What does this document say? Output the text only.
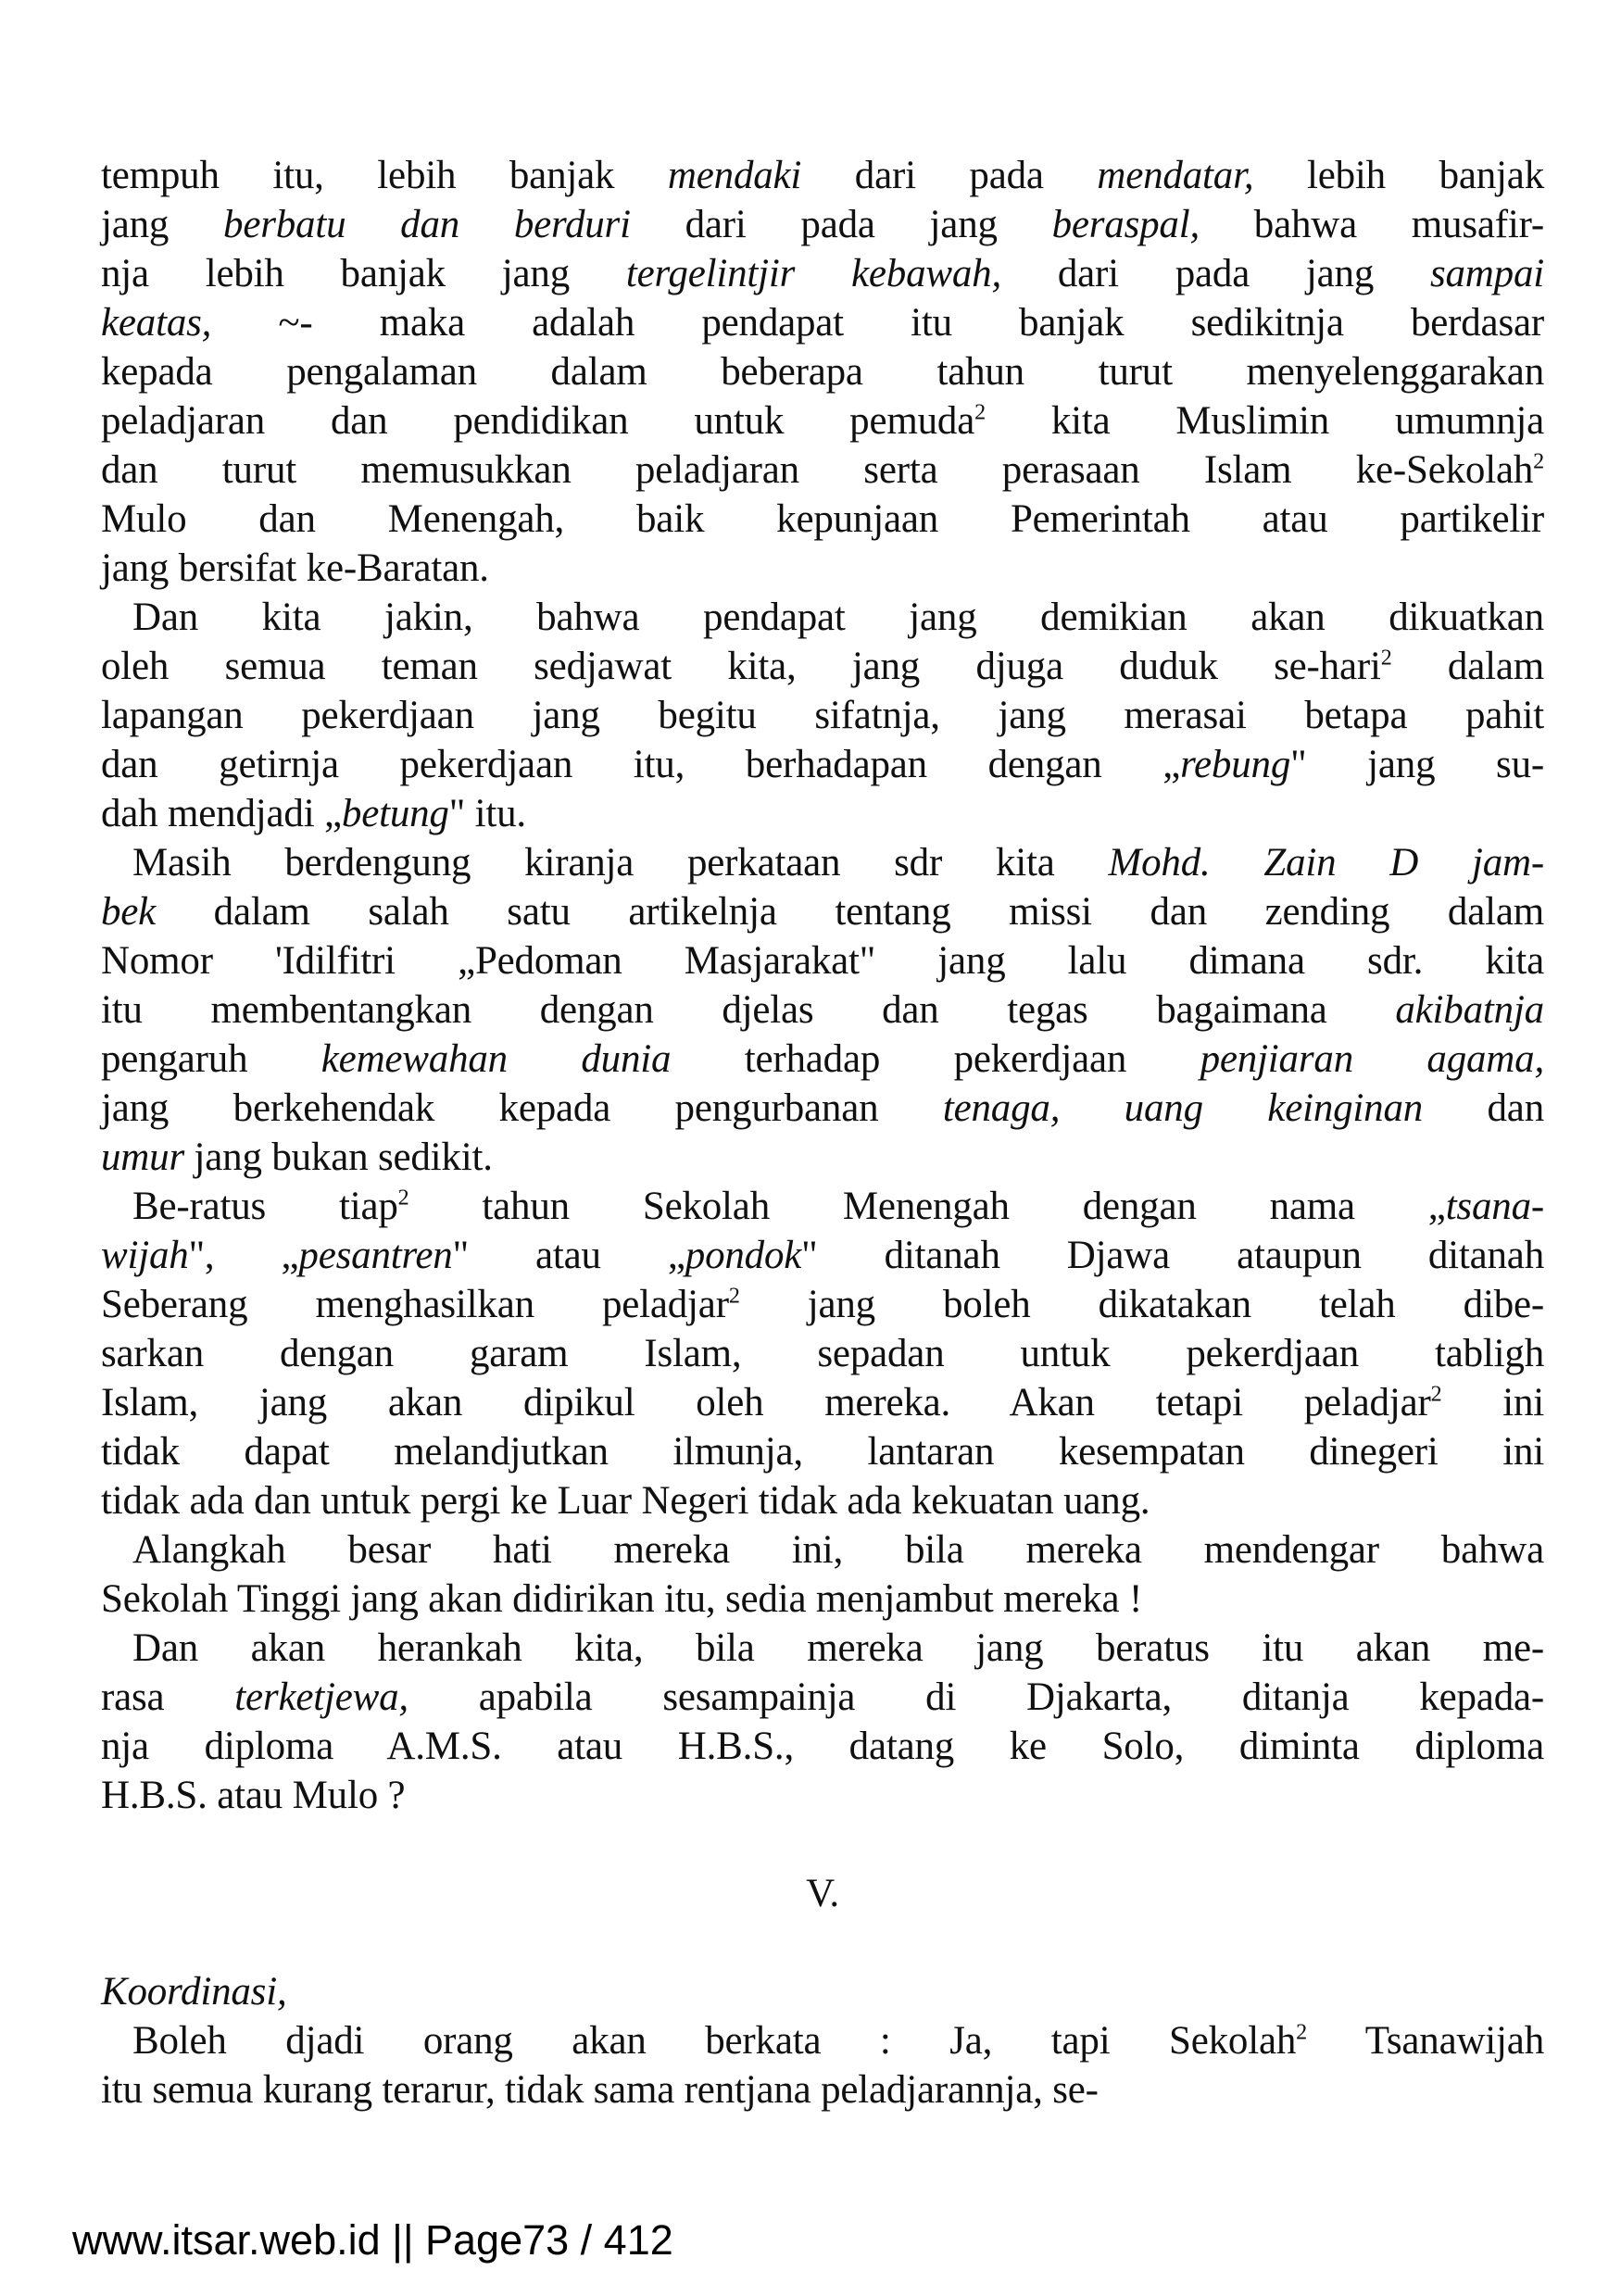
tempuh itu, lebih banjak mendaki dari pada mendatar, lebih banjak
jang berbatu dan berduri dari pada jang beraspal, bahwa musafir-
nja lebih banjak jang tergelintjir kebawah, dari pada jang sampai
keatas, ~- maka adalah pendapat itu banjak sedikitnja berdasar
kepada pengalaman dalam beberapa tahun turut menyelenggarakan
peladjaran dan pendidikan untuk pemuda$^2$ kita Muslimin umumnja
dan turut memusukkan peladjaran serta perasaan Islam ke-Sekolah$^2$
Mulo dan Menengah, baik kepunjaan Pemerintah atau partikelir
jang bersifat ke-Baratan.
Dan kita jakin, bahwa pendapat jang demikian akan dikuatkan
oleh semua teman sedjawat kita, jang djuga duduk se-hari$^2$ dalam
lapangan pekerdjaan jang begitu sifatnja, jang merasai betapa pahit
dan getirnja pekerdjaan itu, berhadapan dengan „rebung" jang su-
dah mendjadi „betung" itu.
Masih berdengung kiranja perkataan sdr kita Mohd. Zain D jam-
bek dalam salah satu artikelnja tentang missi dan zending dalam
Nomor 'Idilfitri „Pedoman Masjarakat" jang lalu dimana sdr. kita
itu membentangkan dengan djelas dan tegas bagaimana akibatnja
pengaruh kemewahan dunia terhadap pekerdjaan penjiaran agama,
jang berkehendak kepada pengurbanan tenaga, uang keinginan dan
umur jang bukan sedikit.
Be-ratus tiap$^2$ tahun Sekolah Menengah dengan nama „tsana-
wijah", „pesantren" atau „pondok" ditanah Djawa ataupun ditanah
Seberang menghasilkan peladjar$^2$ jang boleh dikatakan telah dibe-
sarkan dengan garam Islam, sepadan untuk pekerdjaan tabligh
Islam, jang akan dipikul oleh mereka. Akan tetapi peladjar$^2$ ini
tidak dapat melandjutkan ilmunja, lantaran kesempatan dinegeri ini
tidak ada dan untuk pergi ke Luar Negeri tidak ada kekuatan uang.
Alangkah besar hati mereka ini, bila mereka mendengar bahwa
Sekolah Tinggi jang akan didirikan itu, sedia menjambut mereka !
Dan akan herankah kita, bila mereka jang beratus itu akan me-
rasa terketjewa, apabila sesampainja di Djakarta, ditanja kepada-
nja diploma A.M.S. atau H.B.S., datang ke Solo, diminta diploma
H.B.S. atau Mulo ?
V.
Koordinasi,
Boleh djadi orang akan berkata : Ja, tapi Sekolah$^2$ Tsanawijah
itu semua kurang terarur, tidak sama rentjana peladjarannja, se-
www.itsar.web.id || Page73 / 412
